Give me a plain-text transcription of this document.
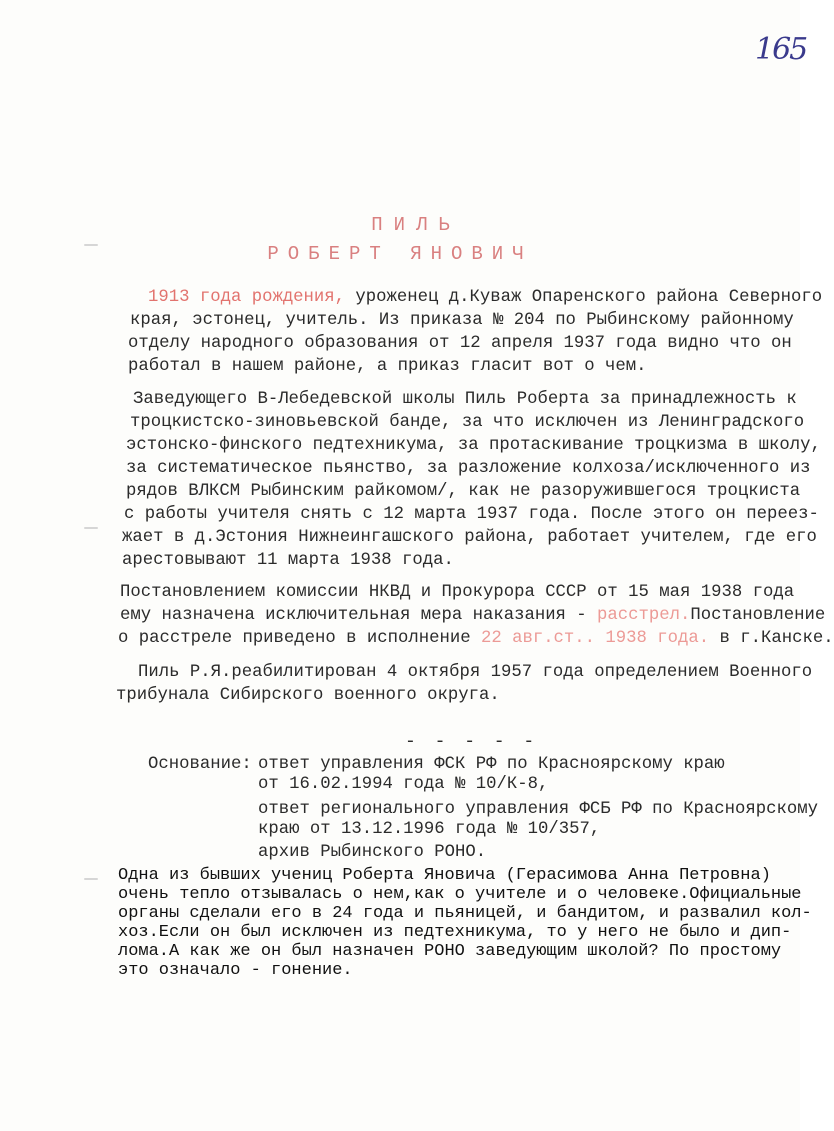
165
ПИЛЬ
РОБЕРТ ЯНОВИЧ
1913 года рождения, уроженец д.Куваж Опаренского района Северного
края, эстонец, учитель. Из приказа № 204 по Рыбинскому районному
отделу народного образования от 12 апреля 1937 года видно что он
работал в нашем районе, а приказ гласит вот о чем.
Заведующего В-Лебедевской школы Пиль Роберта за принадлежность к
троцкистско-зиновьевской банде, за что исключен из Ленинградского
эстонско-финского педтехникума, за протаскивание троцкизма в школу,
за систематическое пьянство, за разложение колхоза/исключенного из
рядов ВЛКСМ Рыбинским райкомом/, как не разоружившегося троцкиста
с работы учителя снять с 12 марта 1937 года. После этого он переез-
жает в д.Эстония Нижнеингашского района, работает учителем, где его
арестовывают 11 марта 1938 года.
Постановлением комиссии НКВД и Прокурора СССР от 15 мая 1938 года
ему назначена исключительная мера наказания - расстрел.Постановление
о расстреле приведено в исполнение 22 авг.ст.. 1938 года. в г.Канске.
Пиль Р.Я.реабилитирован 4 октября 1957 года определением Военного
трибунала Сибирского военного округа.
- - - - -
Основание: ответ управления ФСК РФ по Красноярскому краю
от 16.02.1994 года № 10/К-8,
ответ регионального управления ФСБ РФ по Красноярскому
краю от 13.12.1996 года № 10/357,
архив Рыбинского РОНО.
Одна из бывших учениц Роберта Яновича (Герасимова Анна Петровна)
очень тепло отзывалась о нем,как о учителе и о человеке.Официальные
органы сделали его в 24 года и пьяницей, и бандитом, и развалил кол-
хоз.Если он был исключен из педтехникума, то у него не было и дип-
лома.А как же он был назначен РОНО заведующим школой? По простому
это означало - гонение.
